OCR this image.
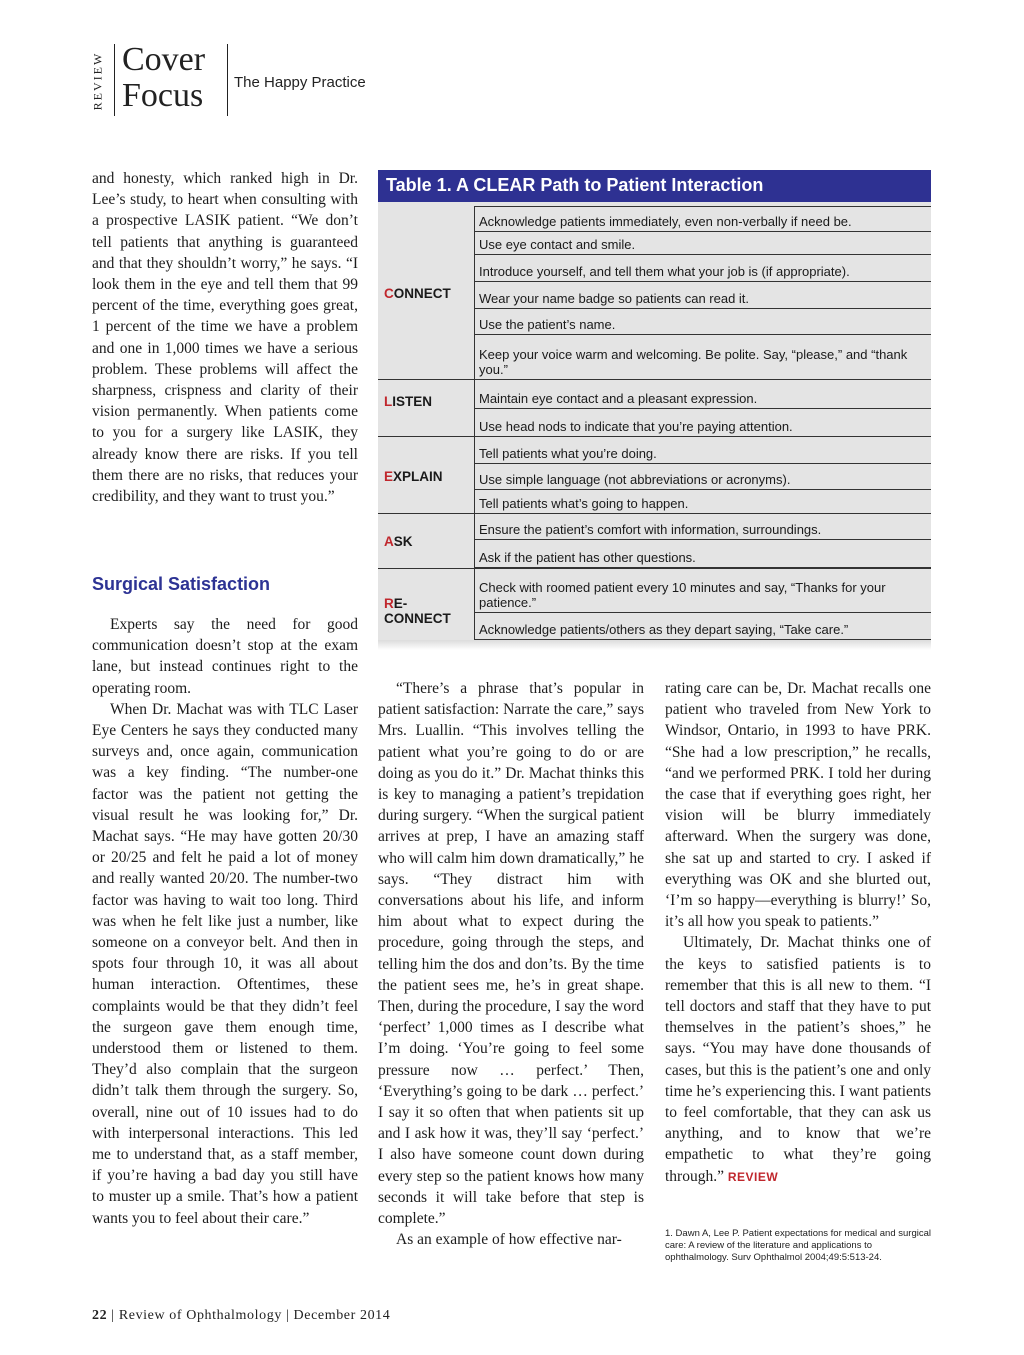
REVIEW Cover
Focus The Happy Practice

and honesty, which ranked high in Dr. Lee’s study, to heart when consulting with a prospective LASIK patient. “We don’t tell patients that anything is guaranteed and that they shouldn’t worry,” he says. “I look them in the eye and tell them that 99 percent of the time, everything goes great, 1 percent of the time we have a problem and one in 1,000 times we have a serious problem. These problems will affect the sharpness, crispness and clarity of their vision permanently. When patients come to you for a surgery like LASIK, they already know there are risks. If you tell them there are no risks, that reduces your credibility, and they want to trust you.”

Surgical Satisfaction

Experts say the need for good communication doesn’t stop at the exam lane, but instead continues right to the operating room.

When Dr. Machat was with TLC Laser Eye Centers he says they conducted many surveys and, once again, communication was a key finding. “The number-one factor was the patient not getting the visual result he was looking for,” Dr. Machat says. “He may have gotten 20/30 or 20/25 and felt he paid a lot of money and really wanted 20/20. The number-two factor was having to wait too long. Third was when he felt like just a number, like someone on a conveyor belt. And then in spots four through 10, it was all about human interaction. Oftentimes, these complaints would be that they didn’t feel the surgeon gave them enough time, understood them or listened to them. They’d also complain that the surgeon didn’t talk them through the surgery. So, overall, nine out of 10 issues had to do with interpersonal interactions. This led me to understand that, as a staff member, if you’re having a bad day you still have to muster up a smile. That’s how a patient wants you to feel about their care.”

Table 1. A CLEAR Path to Patient Interaction
CONNECT
Acknowledge patients immediately, even non-verbally if need be.
Use eye contact and smile.
Introduce yourself, and tell them what your job is (if appropriate).
Wear your name badge so patients can read it.
Use the patient’s name.
Keep your voice warm and welcoming. Be polite. Say, “please,” and “thank you.”
LISTEN	Maintain eye contact and a pleasant expression.
Use head nods to indicate that you’re paying attention.
EXPLAIN
Tell patients what you’re doing.
Use simple language (not abbreviations or acronyms).
Tell patients what’s going to happen.
ASK
Ensure the patient’s comfort with information, surroundings.
Ask if the patient has other questions.
RE-CONNECT
Check with roomed patient every 10 minutes and say, “Thanks for your patience.”
Acknowledge patients/others as they depart saying, “Take care.”

“There’s a phrase that’s popular in patient satisfaction: Narrate the care,” says Mrs. Luallin. “This involves telling the patient what you’re going to do or are doing as you do it.” Dr. Machat thinks this is key to managing a patient’s trepidation during surgery. “When the surgical patient arrives at prep, I have an amazing staff who will calm him down dramatically,” he says. “They distract him with conversations about his life, and inform him about what to expect during the procedure, going through the steps, and telling him the dos and don’ts. By the time the patient sees me, he’s in great shape. Then, during the procedure, I say the word ‘perfect’ 1,000 times as I describe what I’m doing. ‘You’re going to feel some pressure now … perfect.’ Then, ‘Everything’s going to be dark … perfect.’ I say it so often that when patients sit up and I ask how it was, they’ll say ‘perfect.’ I also have someone count down during every step so the patient knows how many seconds it will take before that step is complete.”

As an example of how effective nar-

rating care can be, Dr. Machat recalls one patient who traveled from New York to Windsor, Ontario, in 1993 to have PRK. “She had a low prescription,” he recalls, “and we performed PRK. I told her during the case that if everything goes right, her vision will be blurry immediately afterward. When the surgery was done, she sat up and started to cry. I asked if everything was OK and she blurted out, ‘I’m so happy—everything is blurry!’ So, it’s all how you speak to patients.”

Ultimately, Dr. Machat thinks one of the keys to satisfied patients is to remember that this is all new to them. “I tell doctors and staff that they have to put themselves in the patient’s shoes,” he says. “You may have done thousands of cases, but this is the patient’s one and only time he’s experiencing this. I want patients to feel comfortable, that they can ask us anything, and to know that we’re empathetic to what they’re going through.” REVIEW

1. Dawn A, Lee P. Patient expectations for medical and surgical care: A review of the literature and applications to ophthalmology. Surv Ophthalmol 2004;49:5:513-24.
22 | Review of Ophthalmology | December 2014
